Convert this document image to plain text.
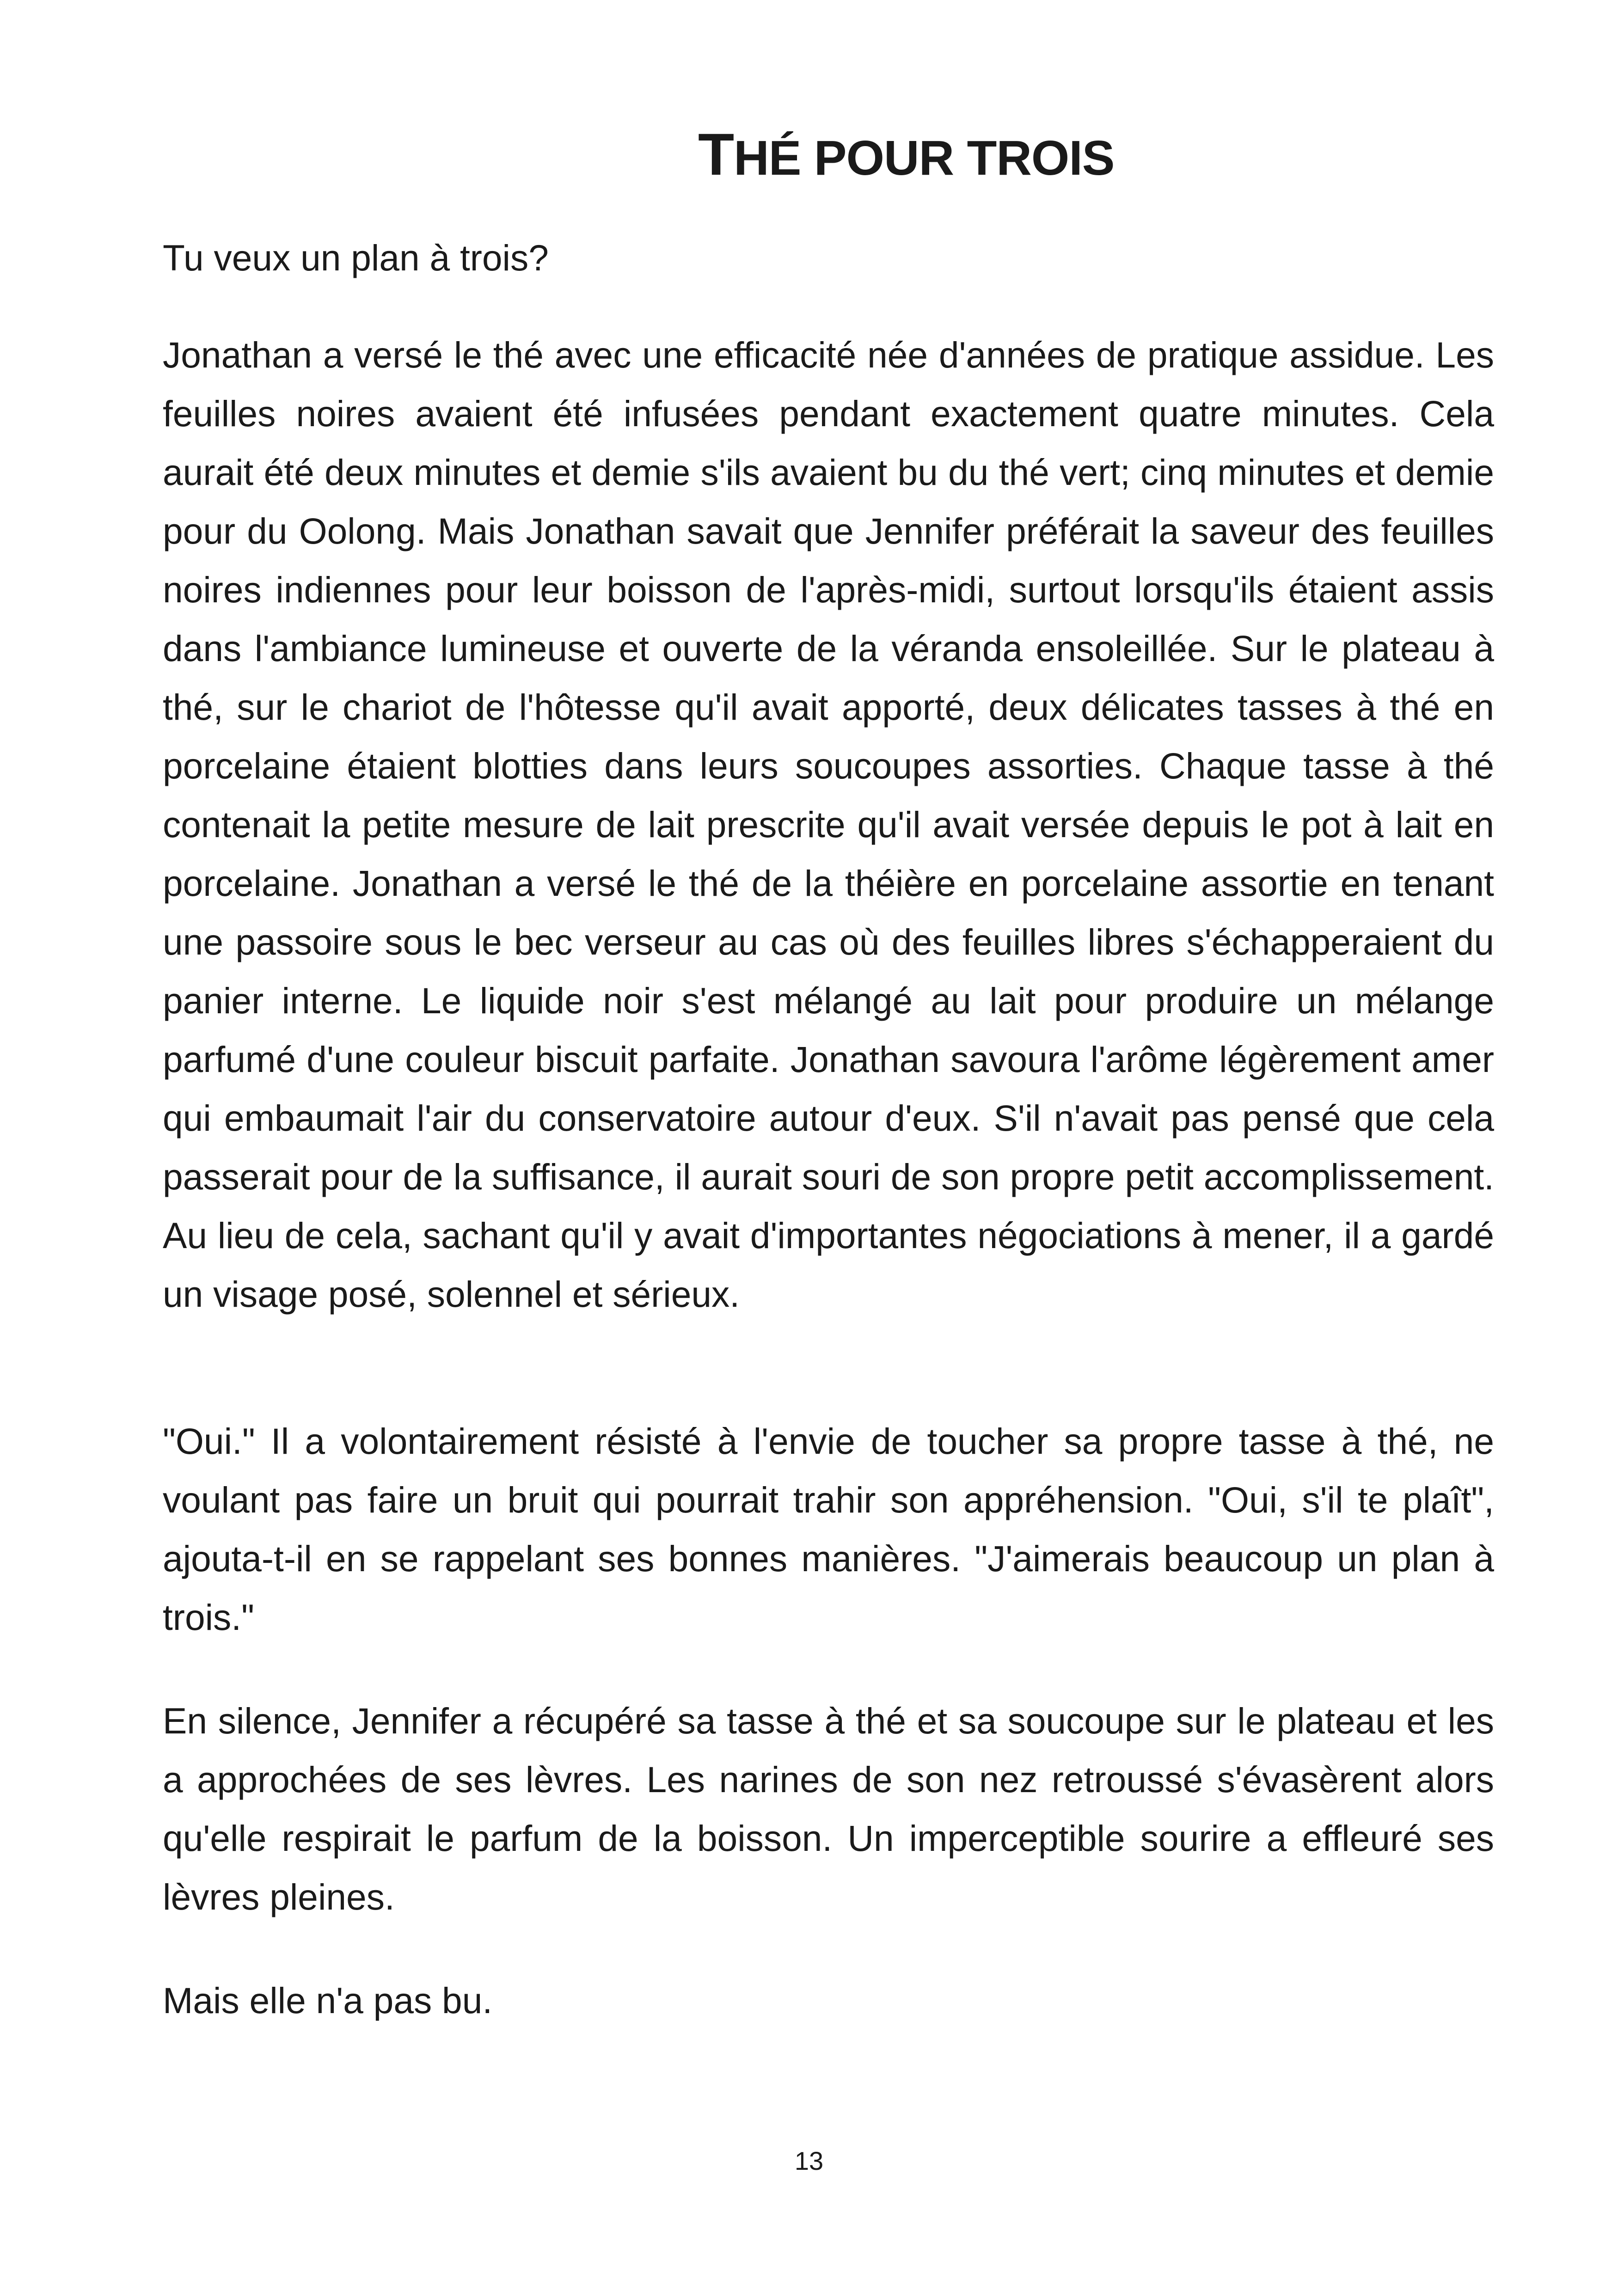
THÉ POUR TROIS

Tu veux un plan à trois?

Jonathan a versé le thé avec une efficacité née d'années de pratique assidue. Les feuilles noires avaient été infusées pendant exactement quatre minutes. Cela aurait été deux minutes et demie s'ils avaient bu du thé vert; cinq minutes et demie pour du Oolong. Mais Jonathan savait que Jennifer préférait la saveur des feuilles noires indiennes pour leur boisson de l'après-midi, surtout lorsqu'ils étaient assis dans l'ambiance lumineuse et ouverte de la véranda ensoleillée. Sur le plateau à thé, sur le chariot de l'hôtesse qu'il avait apporté, deux délicates tasses à thé en porcelaine étaient blotties dans leurs soucoupes assorties. Chaque tasse à thé contenait la petite mesure de lait prescrite qu'il avait versée depuis le pot à lait en porcelaine. Jonathan a versé le thé de la théière en porcelaine assortie en tenant une passoire sous le bec verseur au cas où des feuilles libres s'échapperaient du panier interne. Le liquide noir s'est mélangé au lait pour produire un mélange parfumé d'une couleur biscuit parfaite. Jonathan savoura l'arôme légèrement amer qui embaumait l'air du conservatoire autour d'eux. S'il n'avait pas pensé que cela passerait pour de la suffisance, il aurait souri de son propre petit accomplissement. Au lieu de cela, sachant qu'il y avait d'importantes négociations à mener, il a gardé un visage posé, solennel et sérieux.

"Oui." Il a volontairement résisté à l'envie de toucher sa propre tasse à thé, ne voulant pas faire un bruit qui pourrait trahir son appréhension. "Oui, s'il te plaît", ajouta-t-il en se rappelant ses bonnes manières. "J'aimerais beaucoup un plan à trois."

En silence, Jennifer a récupéré sa tasse à thé et sa soucoupe sur le plateau et les a approchées de ses lèvres. Les narines de son nez retroussé s'évasèrent alors qu'elle respirait le parfum de la boisson. Un imperceptible sourire a effleuré ses lèvres pleines.

Mais elle n'a pas bu.

13
